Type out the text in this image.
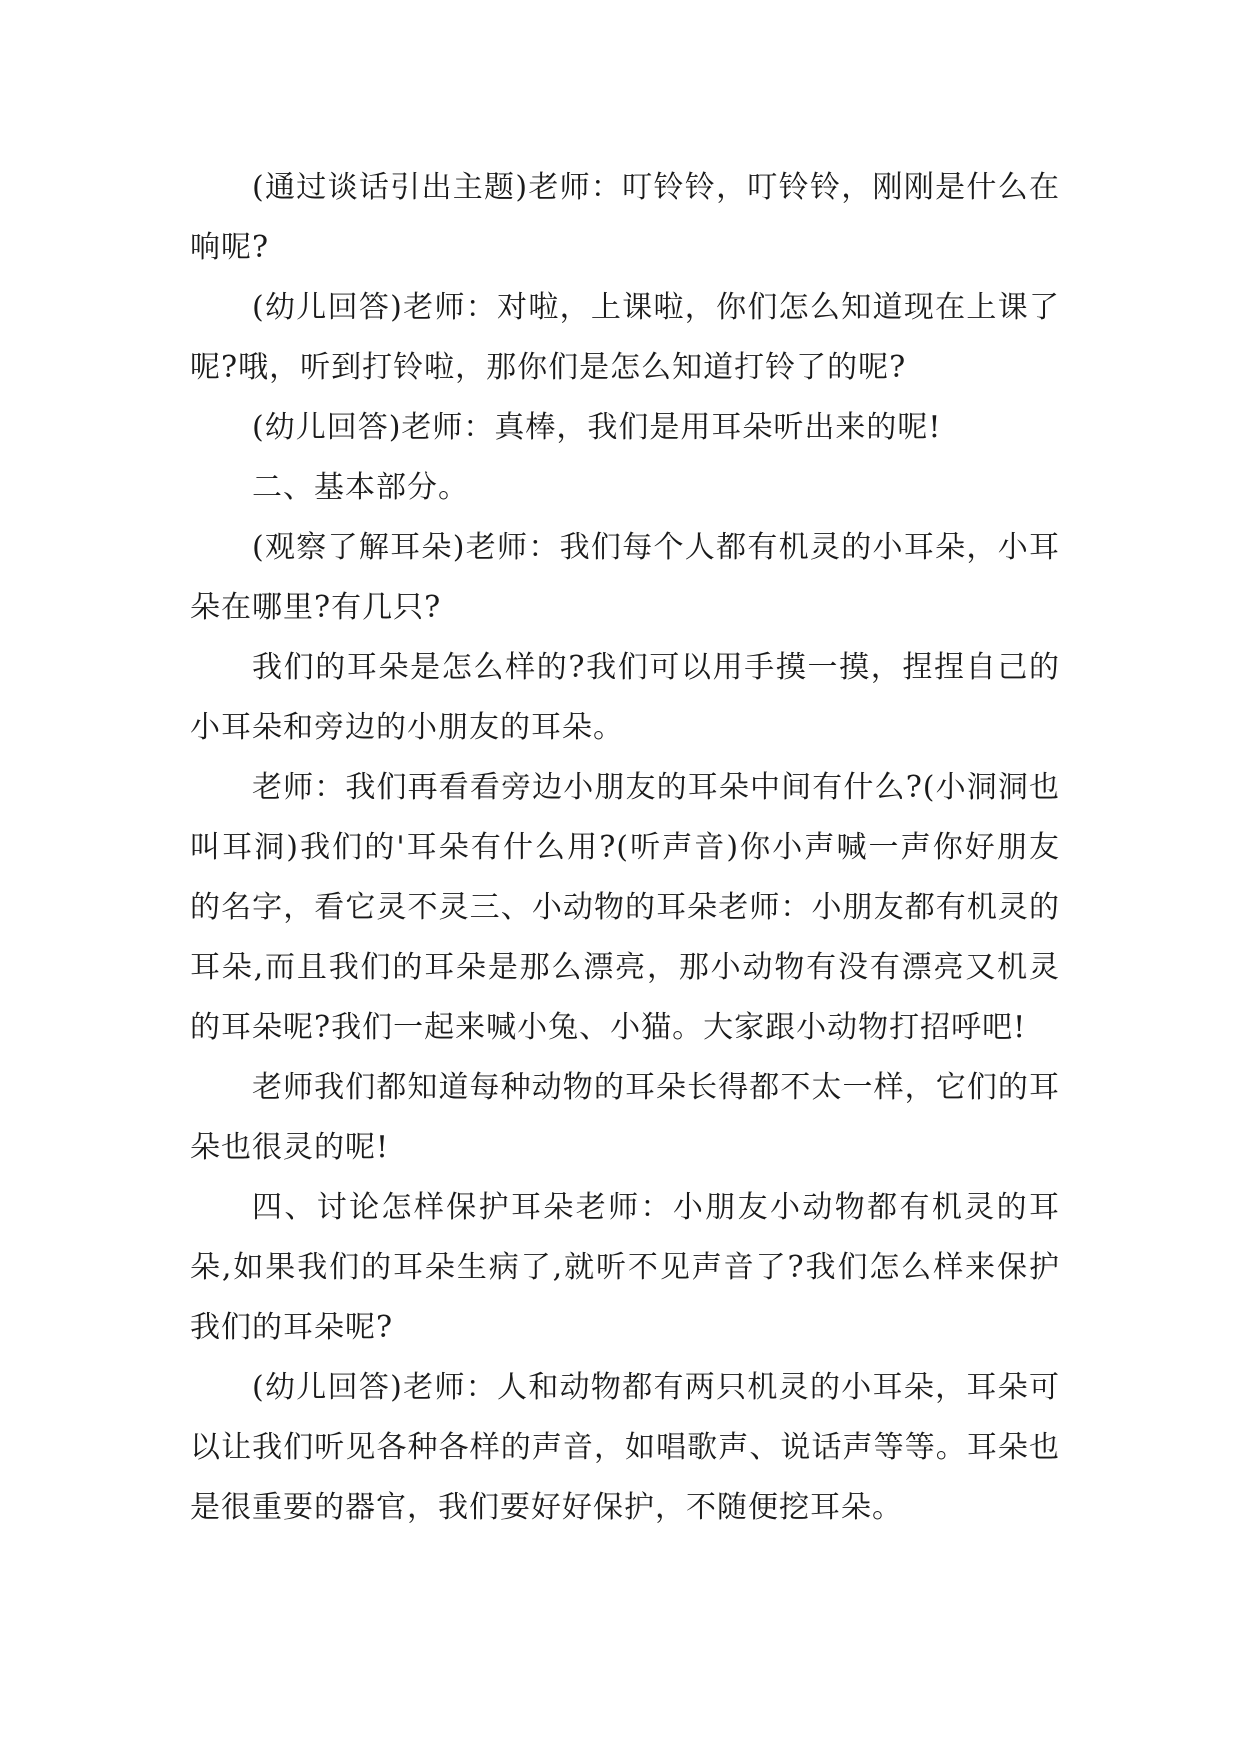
(通过谈话引出主题)老师：叮铃铃，叮铃铃，刚刚是什么在响呢?

(幼儿回答)老师：对啦，上课啦，你们怎么知道现在上课了呢?哦，听到打铃啦，那你们是怎么知道打铃了的呢?

(幼儿回答)老师：真棒，我们是用耳朵听出来的呢!

二、基本部分。

(观察了解耳朵)老师：我们每个人都有机灵的小耳朵，小耳朵在哪里?有几只?

我们的耳朵是怎么样的?我们可以用手摸一摸，捏捏自己的小耳朵和旁边的小朋友的耳朵。

老师：我们再看看旁边小朋友的耳朵中间有什么?(小洞洞也叫耳洞)我们的'耳朵有什么用?(听声音)你小声喊一声你好朋友的名字，看它灵不灵三、小动物的耳朵老师：小朋友都有机灵的耳朵,而且我们的耳朵是那么漂亮，那小动物有没有漂亮又机灵的耳朵呢?我们一起来喊小兔、小猫。大家跟小动物打招呼吧!

老师我们都知道每种动物的耳朵长得都不太一样，它们的耳朵也很灵的呢!

四、讨论怎样保护耳朵老师：小朋友小动物都有机灵的耳朵,如果我们的耳朵生病了,就听不见声音了?我们怎么样来保护我们的耳朵呢?

(幼儿回答)老师：人和动物都有两只机灵的小耳朵，耳朵可以让我们听见各种各样的声音，如唱歌声、说话声等等。耳朵也是很重要的器官，我们要好好保护，不随便挖耳朵。
